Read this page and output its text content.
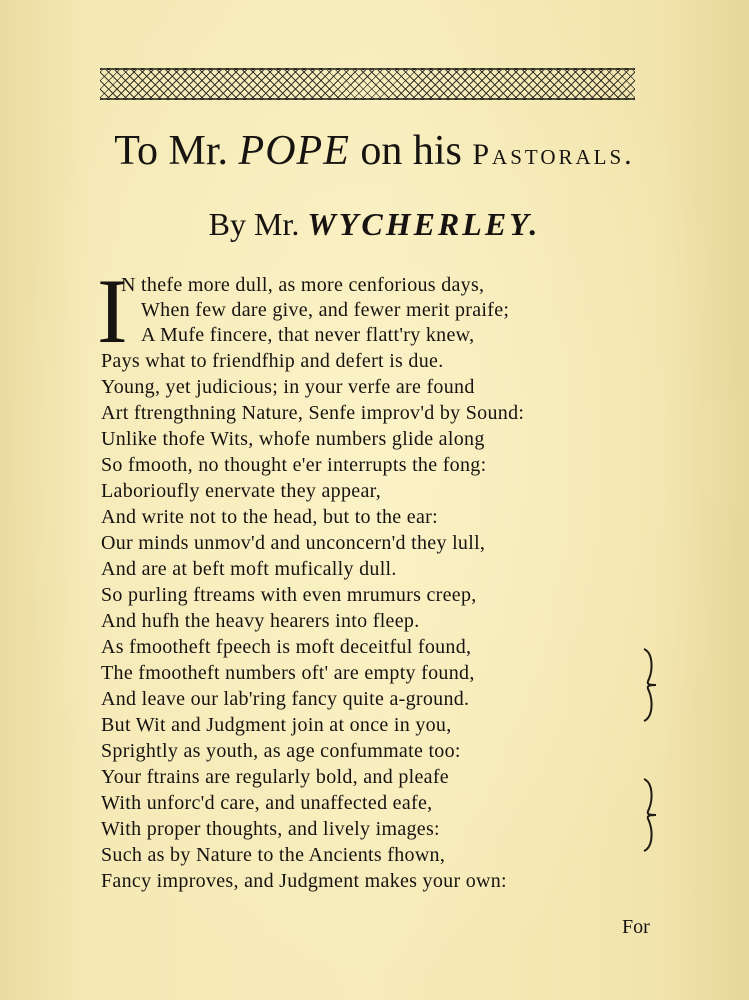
To Mr. POPE on his Pastorals.
By Mr. WYCHERLEY.
I
N thefe more dull, as more cenforious days,
When few dare give, and fewer merit praife;
A Mufe fincere, that never flatt'ry knew,
Pays what to friendfhip and defert is due.
Young, yet judicious; in your verfe are found
Art ftrengthning Nature, Senfe improv'd by Sound:
Unlike thofe Wits, whofe numbers glide along
So fmooth, no thought e'er interrupts the fong:
Laborioufly enervate they appear,
And write not to the head, but to the ear:
Our minds unmov'd and unconcern'd they lull,
And are at beft moft mufically dull.
So purling ftreams with even mrumurs creep,
And hufh the heavy hearers into fleep.
As fmootheft fpeech is moft deceitful found,
The fmootheft numbers oft' are empty found,
And leave our lab'ring fancy quite a-ground.
But Wit and Judgment join at once in you,
Sprightly as youth, as age confummate too:
Your ftrains are regularly bold, and pleafe
With unforc'd care, and unaffected eafe,
With proper thoughts, and lively images:
Such as by Nature to the Ancients fhown,
Fancy improves, and Judgment makes your own:
For
